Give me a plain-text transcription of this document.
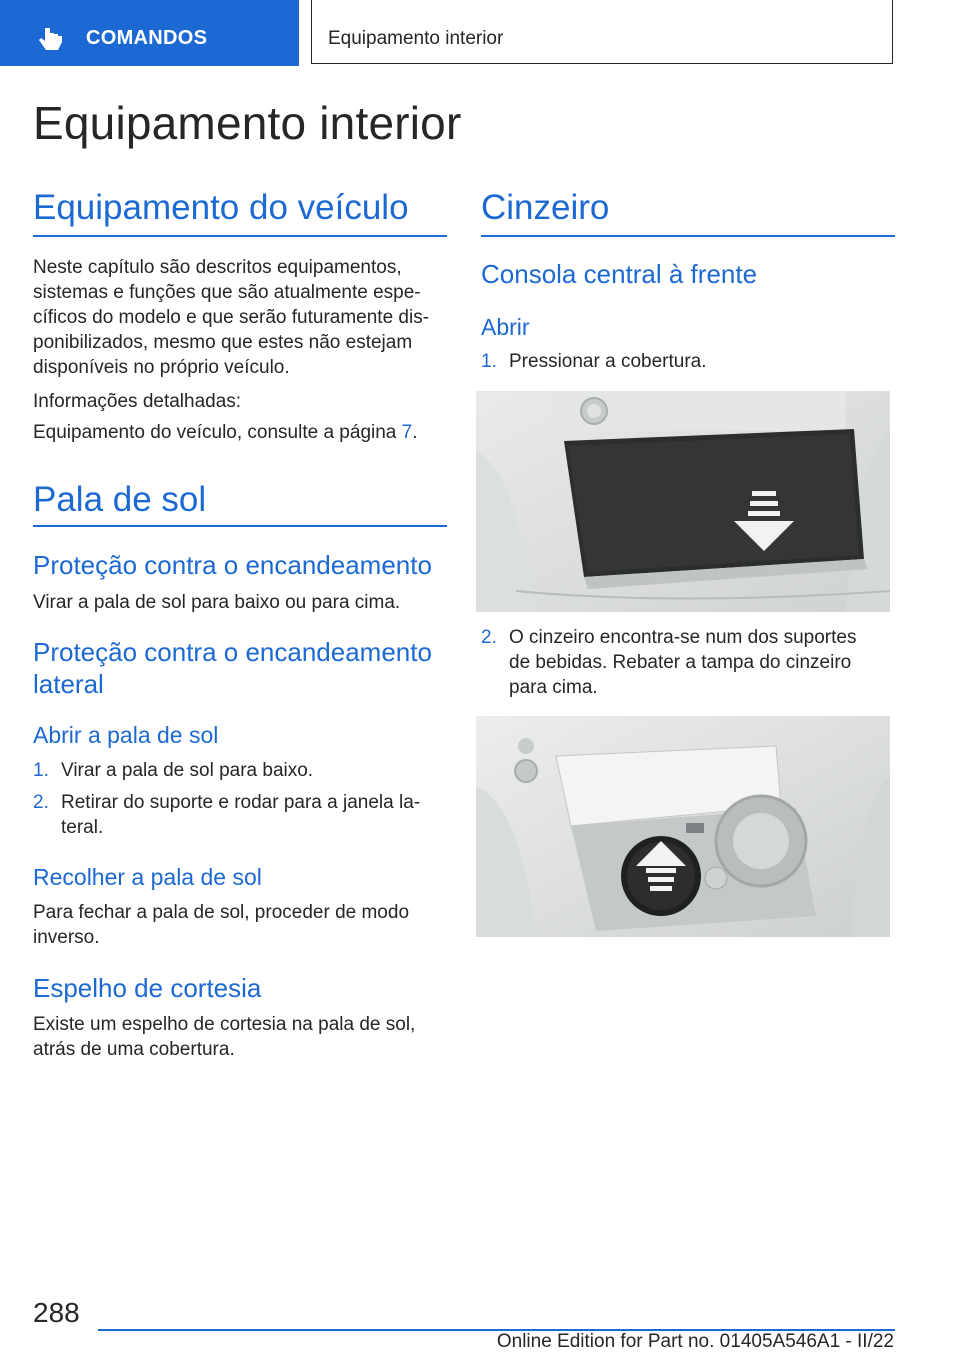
COMANDOS	Equipamento interior
Equipamento interior
Equipamento do veículo
Neste capítulo são descritos equipamentos,
sistemas e funções que são atualmente espe-
cíficos do modelo e que serão futuramente dis-
ponibilizados, mesmo que estes não estejam
disponíveis no próprio veículo.
Informações detalhadas:
Equipamento do veículo, consulte a página 7.
Pala de sol
Proteção contra o encandeamento
Virar a pala de sol para baixo ou para cima.
Proteção contra o encandeamento
lateral
Abrir a pala de sol
1. Virar a pala de sol para baixo.
2. Retirar do suporte e rodar para a janela la-
teral.
Recolher a pala de sol
Para fechar a pala de sol, proceder de modo
inverso.
Espelho de cortesia
Existe um espelho de cortesia na pala de sol,
atrás de uma cobertura.
Cinzeiro
Consola central à frente
Abrir
1. Pressionar a cobertura.
2. O cinzeiro encontra-se num dos suportes
de bebidas. Rebater a tampa do cinzeiro
para cima.
288
Online Edition for Part no. 01405A546A1 - II/22
